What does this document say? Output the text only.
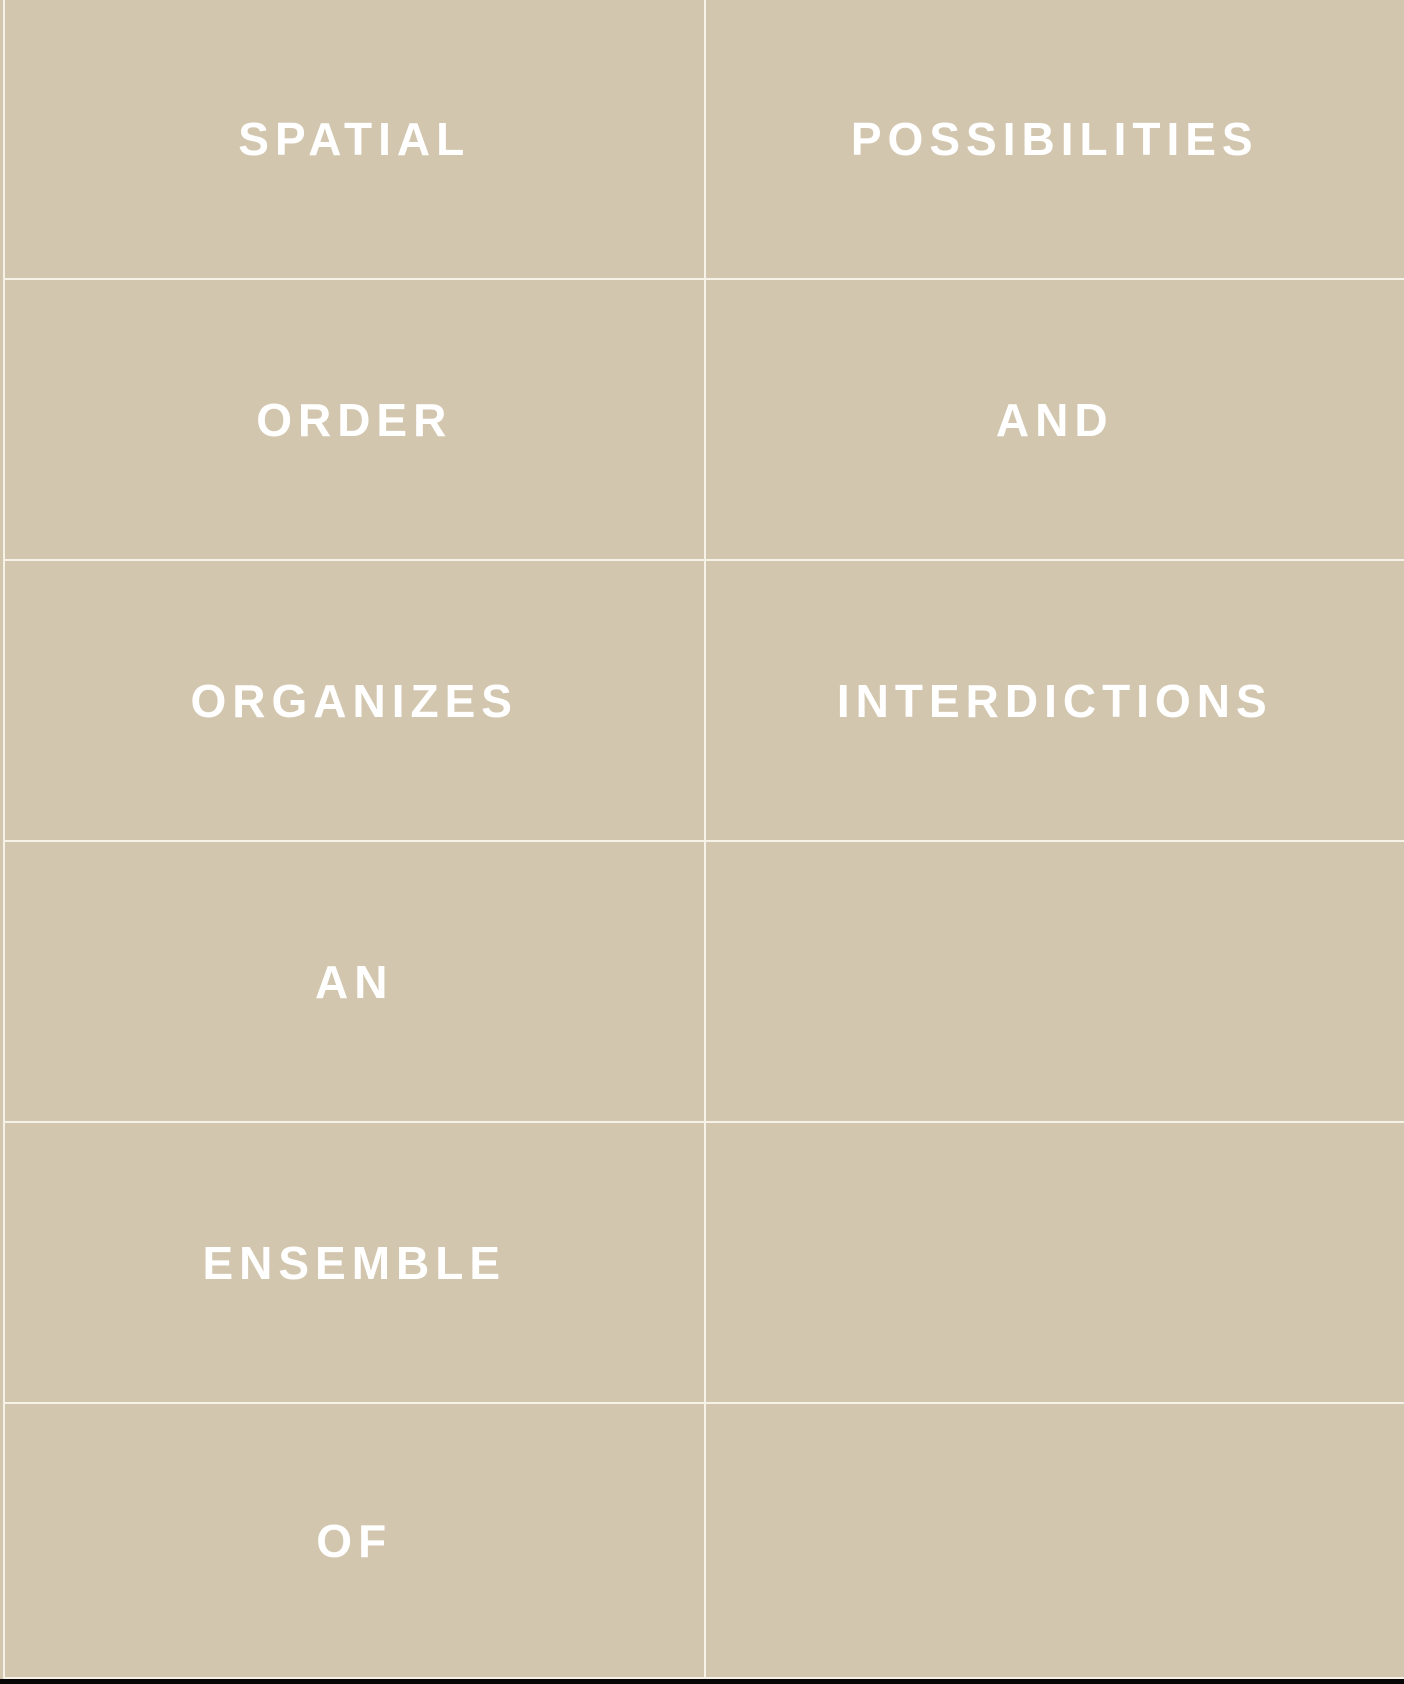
SPATIAL	POSSIBILITIES
ORDER	AND
ORGANIZES	INTERDICTIONS
AN
ENSEMBLE
OF
